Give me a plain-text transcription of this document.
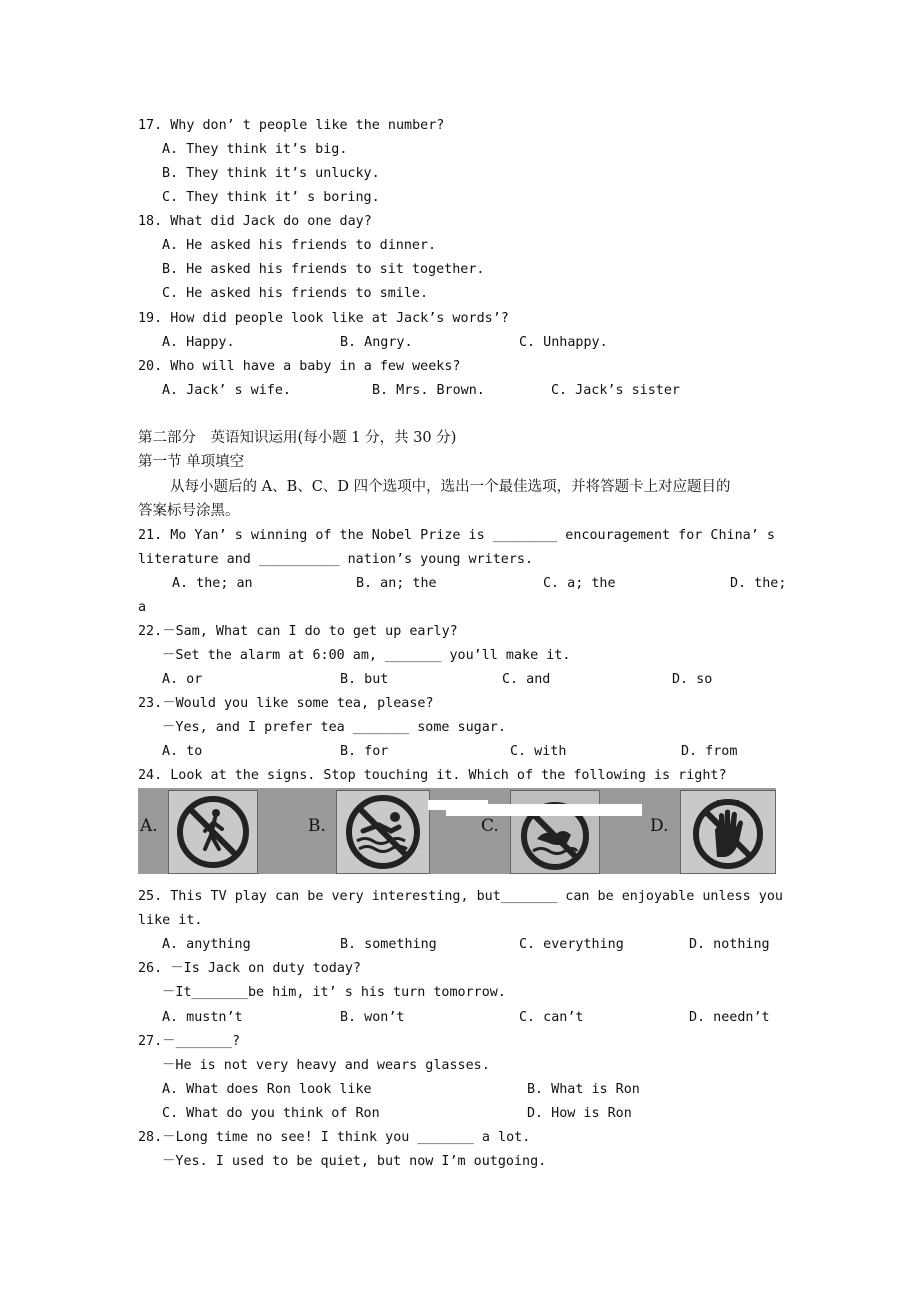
17. Why don’ t people like the number?
A. They think it’s big.
B. They think it’s unlucky.
C. They think it’ s boring.
18. What did Jack do one day?
A. He asked his friends to dinner.
B. He asked his friends to sit together.
C. He asked his friends to smile.
19. How did people look like at Jack’s words’?
A. Happy.	B. Angry.	C. Unhappy.
20. Who will have a baby in a few weeks?
A. Jack’ s wife.	B. Mrs. Brown.	C. Jack’s sister
第二部分　英语知识运用(每小题 1 分，共 30 分)
第一节 单项填空
从每小题后的 A、B、C、D 四个选项中，选出一个最佳选项，并将答题卡上对应题目的
答案标号涂黑。
21. Mo Yan’ s winning of the Nobel Prize is ________ encouragement for China’ s
literature and __________ nation’s young writers.
A. the; an	B. an; the	C. a; the	D. the;
a
22.－Sam, What can I do to get up early?
－Set the alarm at 6:00 am, _______ you’ll make it.
A. or	B. but	C. and	D. so
23.－Would you like some tea, please?
－Yes, and I prefer tea _______ some sugar.
A. to	B. for	C. with	D. from
24. Look at the signs. Stop touching it. Which of the following is right?
A.	B.	C.	D.
25. This TV play can be very interesting, but_______ can be enjoyable unless you
like it.
A. anything	B. something	C. everything	D. nothing
26. －Is Jack on duty today?
－It_______be him, it’ s his turn tomorrow.
A. mustn’t	B. won’t	C. can’t	D. needn’t
27.－_______?
－He is not very heavy and wears glasses.
A. What does Ron look like	B. What is Ron
C. What do you think of Ron	D. How is Ron
28.－Long time no see! I think you _______ a lot.
－Yes. I used to be quiet, but now I’m outgoing.
